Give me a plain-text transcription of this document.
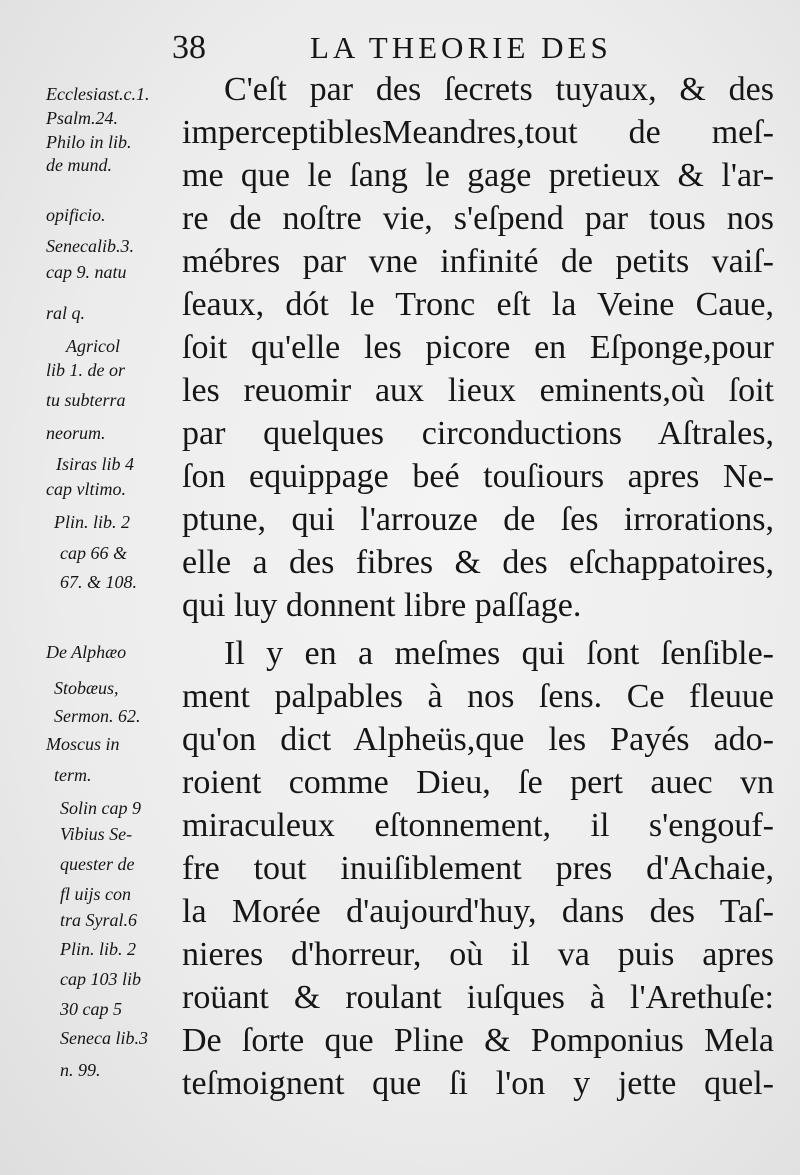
38	LA THEORIE DES
Ecclesiast.c.1.
Psalm.24.
Philo in lib.
de mund.
opificio.
Senecalib.3.
cap 9. natu
ral q.
Agricol
lib 1. de or
tu subterra
neorum.
Isiras lib 4
cap vltimo.
Plin. lib. 2
cap 66 &
67. & 108.
De Alphæo
Stobæus,
Sermon. 62.
Moscus in
term.
Solin cap 9
Vibius Se-
quester de
fl uijs con
tra Syral.6
Plin. lib. 2
cap 103 lib
30 cap 5
Seneca lib.3
n. 99.
C'eſt par des ſecrets tuyaux, & des
imperceptiblesMeandres,tout de meſ-
me que le ſang le gage pretieux & l'ar-
re de noſtre vie, s'eſpend par tous nos
mébres par vne infinité de petits vaiſ-
ſeaux, dót le Tronc eſt la Veine Caue,
ſoit qu'elle les picore en Eſponge,pour
les reuomir aux lieux eminents,où ſoit
par quelques circonductions Aſtrales,
ſon equippage beé touſiours apres Ne-
ptune, qui l'arrouze de ſes irrorations,
elle a des fibres & des eſchappatoires,
qui luy donnent libre paſſage.
Il y en a meſmes qui ſont ſenſible-
ment palpables à nos ſens. Ce fleuue
qu'on dict Alpheüs,que les Payés ado-
roient comme Dieu, ſe pert auec vn
miraculeux eſtonnement, il s'engouf-
fre tout inuiſiblement pres d'Achaie,
la Morée d'aujourd'huy, dans des Taſ-
nieres d'horreur, où il va puis apres
roüant & roulant iuſques à l'Arethuſe:
De ſorte que Pline & Pomponius Mela
teſmoignent que ſi l'on y jette quel-
